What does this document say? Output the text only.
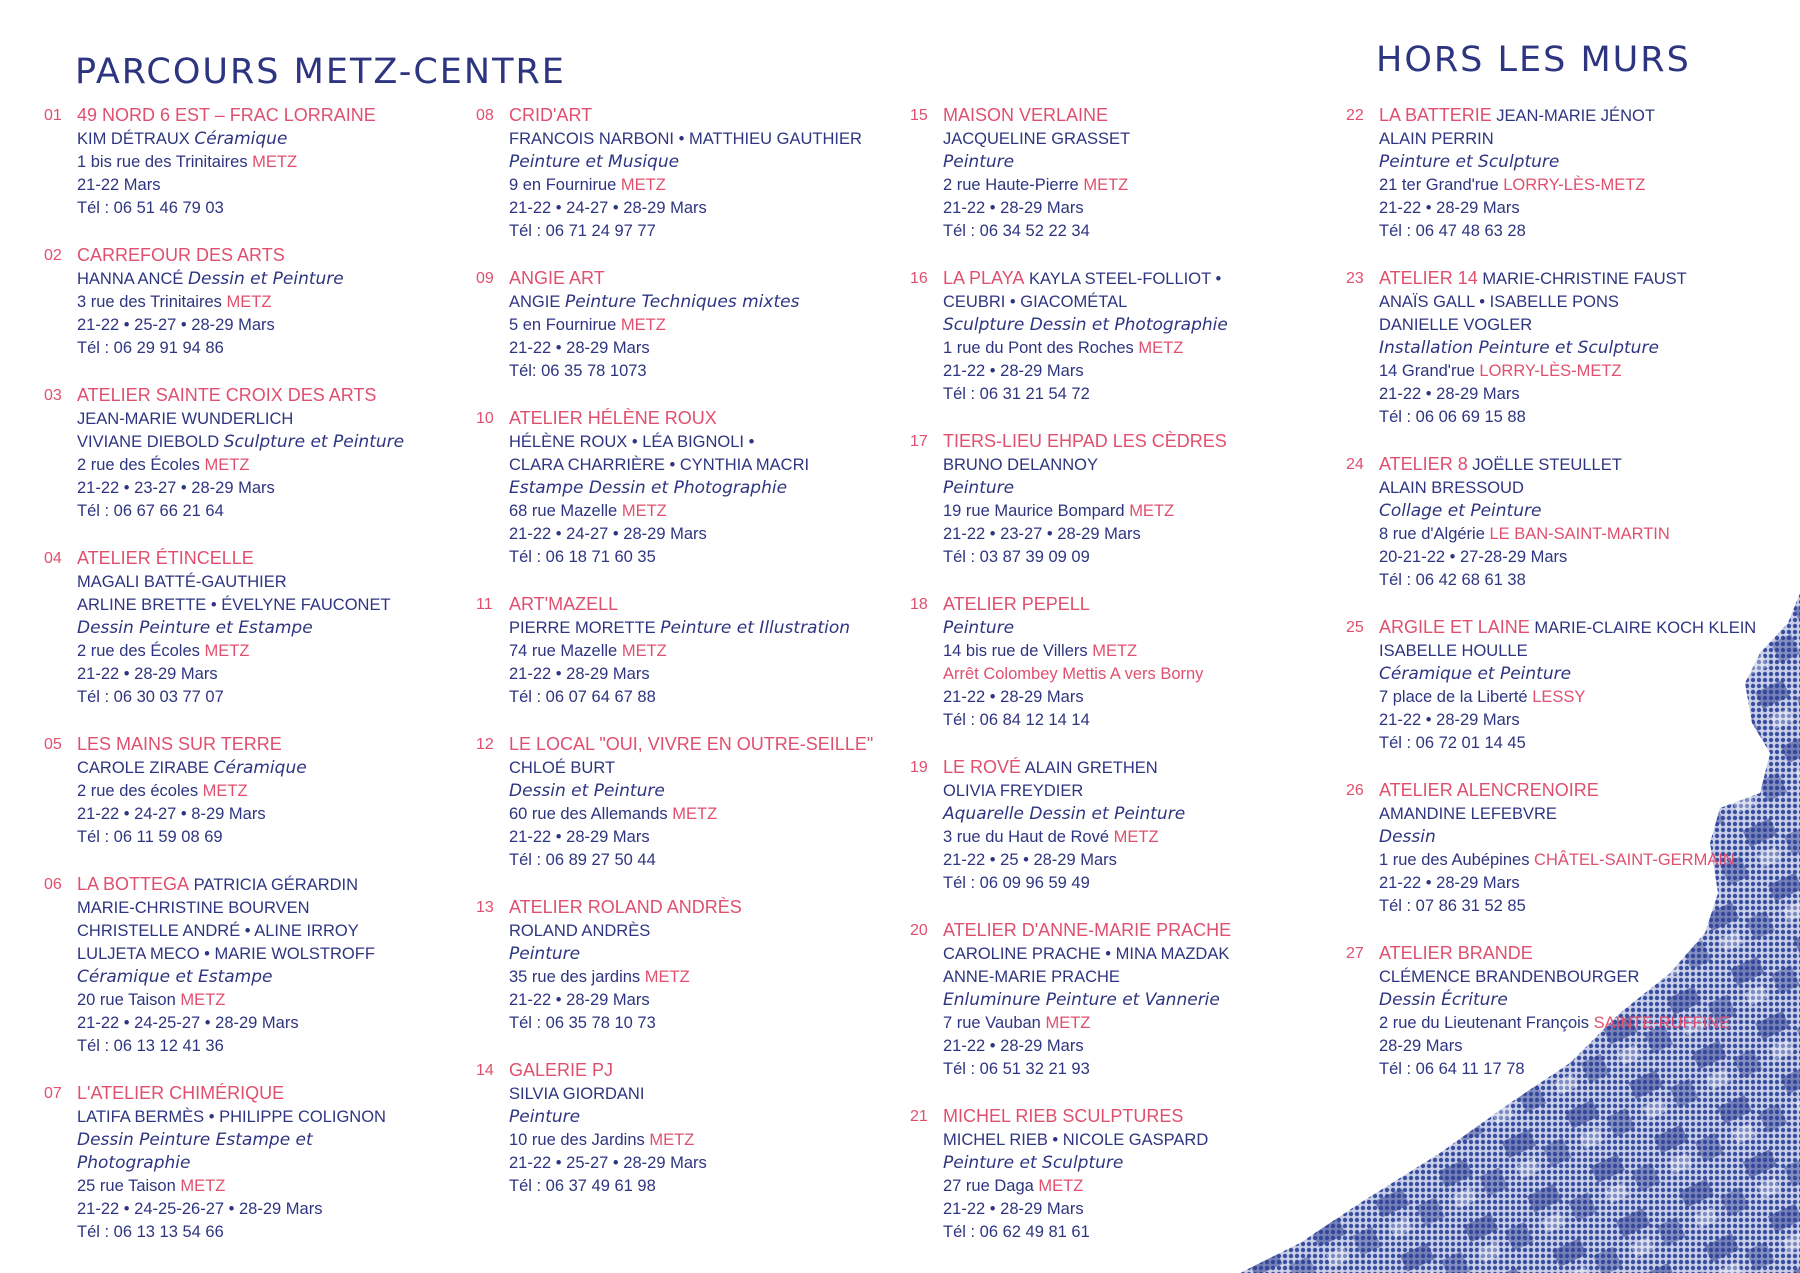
PARCOURS METZ-CENTRE	HORS LES MURS
01 49 NORD 6 EST – FRAC LORRAINE
KIM DÉTRAUX Céramique
1 bis rue des Trinitaires METZ
21-22 Mars
Tél : 06 51 46 79 03
02 CARREFOUR DES ARTS
HANNA ANCÉ Dessin et Peinture
3 rue des Trinitaires METZ
21-22 • 25-27 • 28-29 Mars
Tél : 06 29 91 94 86
03 ATELIER SAINTE CROIX DES ARTS
JEAN-MARIE WUNDERLICH
VIVIANE DIEBOLD Sculpture et Peinture
2 rue des Écoles METZ
21-22 • 23-27 • 28-29 Mars
Tél : 06 67 66 21 64
04 ATELIER ÉTINCELLE
MAGALI BATTÉ-GAUTHIER
ARLINE BRETTE • ÉVELYNE FAUCONET
Dessin Peinture et Estampe
2 rue des Écoles METZ
21-22 • 28-29 Mars
Tél : 06 30 03 77 07
05 LES MAINS SUR TERRE
CAROLE ZIRABE Céramique
2 rue des écoles METZ
21-22 • 24-27 • 8-29 Mars
Tél : 06 11 59 08 69
06 LA BOTTEGA PATRICIA GÉRARDIN
MARIE-CHRISTINE BOURVEN
CHRISTELLE ANDRÉ • ALINE IRROY
LULJETA MECO • MARIE WOLSTROFF
Céramique et Estampe
20 rue Taison METZ
21-22 • 24-25-27 • 28-29 Mars
Tél : 06 13 12 41 36
07 L'ATELIER CHIMÉRIQUE
LATIFA BERMÈS • PHILIPPE COLIGNON
Dessin Peinture Estampe et Photographie
25 rue Taison METZ
21-22 • 24-25-26-27 • 28-29 Mars
Tél : 06 13 13 54 66
08 CRID'ART
FRANCOIS NARBONI • MATTHIEU GAUTHIER
Peinture et Musique
9 en Fournirue METZ
21-22 • 24-27 • 28-29 Mars
Tél : 06 71 24 97 77
09 ANGIE ART
ANGIE Peinture Techniques mixtes
5 en Fournirue METZ
21-22 • 28-29 Mars
Tél: 06 35 78 1073
10 ATELIER HÉLÈNE ROUX
HÉLÈNE ROUX • LÉA BIGNOLI •
CLARA CHARRIÈRE • CYNTHIA MACRI
Estampe Dessin et Photographie
68 rue Mazelle METZ
21-22 • 24-27 • 28-29 Mars
Tél : 06 18 71 60 35
11 ART'MAZELL
PIERRE MORETTE Peinture et Illustration
74 rue Mazelle METZ
21-22 • 28-29 Mars
Tél : 06 07 64 67 88
12 LE LOCAL "OUI, VIVRE EN OUTRE-SEILLE"
CHLOÉ BURT
Dessin et Peinture
60 rue des Allemands METZ
21-22 • 28-29 Mars
Tél : 06 89 27 50 44
13 ATELIER ROLAND ANDRÈS
ROLAND ANDRÈS
Peinture
35 rue des jardins METZ
21-22 • 28-29 Mars
Tél : 06 35 78 10 73
14 GALERIE PJ
SILVIA GIORDANI
Peinture
10 rue des Jardins METZ
21-22 • 25-27 • 28-29 Mars
Tél : 06 37 49 61 98
15 MAISON VERLAINE
JACQUELINE GRASSET
Peinture
2 rue Haute-Pierre METZ
21-22 • 28-29 Mars
Tél : 06 34 52 22 34
16 LA PLAYA KAYLA STEEL-FOLLIOT •
CEUBRI • GIACOMÉTAL
Sculpture Dessin et Photographie
1 rue du Pont des Roches METZ
21-22 • 28-29 Mars
Tél : 06 31 21 54 72
17 TIERS-LIEU EHPAD LES CÈDRES
BRUNO DELANNOY
Peinture
19 rue Maurice Bompard METZ
21-22 • 23-27 • 28-29 Mars
Tél : 03 87 39 09 09
18 ATELIER PEPELL
Peinture
14 bis rue de Villers METZ
Arrêt Colombey Mettis A vers Borny
21-22 • 28-29 Mars
Tél : 06 84 12 14 14
19 LE ROVÉ ALAIN GRETHEN
OLIVIA FREYDIER
Aquarelle Dessin et Peinture
3 rue du Haut de Rové METZ
21-22 • 25 • 28-29 Mars
Tél : 06 09 96 59 49
20 ATELIER D'ANNE-MARIE PRACHE
CAROLINE PRACHE • MINA MAZDAK
ANNE-MARIE PRACHE
Enluminure Peinture et Vannerie
7 rue Vauban METZ
21-22 • 28-29 Mars
Tél : 06 51 32 21 93
21 MICHEL RIEB SCULPTURES
MICHEL RIEB • NICOLE GASPARD
Peinture et Sculpture
27 rue Daga METZ
21-22 • 28-29 Mars
Tél : 06 62 49 81 61
22 LA BATTERIE JEAN-MARIE JÉNOT
ALAIN PERRIN
Peinture et Sculpture
21 ter Grand'rue LORRY-LÈS-METZ
21-22 • 28-29 Mars
Tél : 06 47 48 63 28
23 ATELIER 14 MARIE-CHRISTINE FAUST
ANAÏS GALL • ISABELLE PONS
DANIELLE VOGLER
Installation Peinture et Sculpture
14 Grand'rue LORRY-LÈS-METZ
21-22 • 28-29 Mars
Tél : 06 06 69 15 88
24 ATELIER 8 JOËLLE STEULLET
ALAIN BRESSOUD
Collage et Peinture
8 rue d'Algérie LE BAN-SAINT-MARTIN
20-21-22 • 27-28-29 Mars
Tél : 06 42 68 61 38
25 ARGILE ET LAINE MARIE-CLAIRE KOCH KLEIN
ISABELLE HOULLE
Céramique et Peinture
7 place de la Liberté LESSY
21-22 • 28-29 Mars
Tél : 06 72 01 14 45
26 ATELIER ALENCRENOIRE
AMANDINE LEFEBVRE
Dessin
1 rue des Aubépines CHÂTEL-SAINT-GERMAIN
21-22 • 28-29 Mars
Tél : 07 86 31 52 85
27 ATELIER BRANDE
CLÉMENCE BRANDENBOURGER
Dessin Écriture
2 rue du Lieutenant François SAINTE-RUFFINE
28-29 Mars
Tél : 06 64 11 17 78
